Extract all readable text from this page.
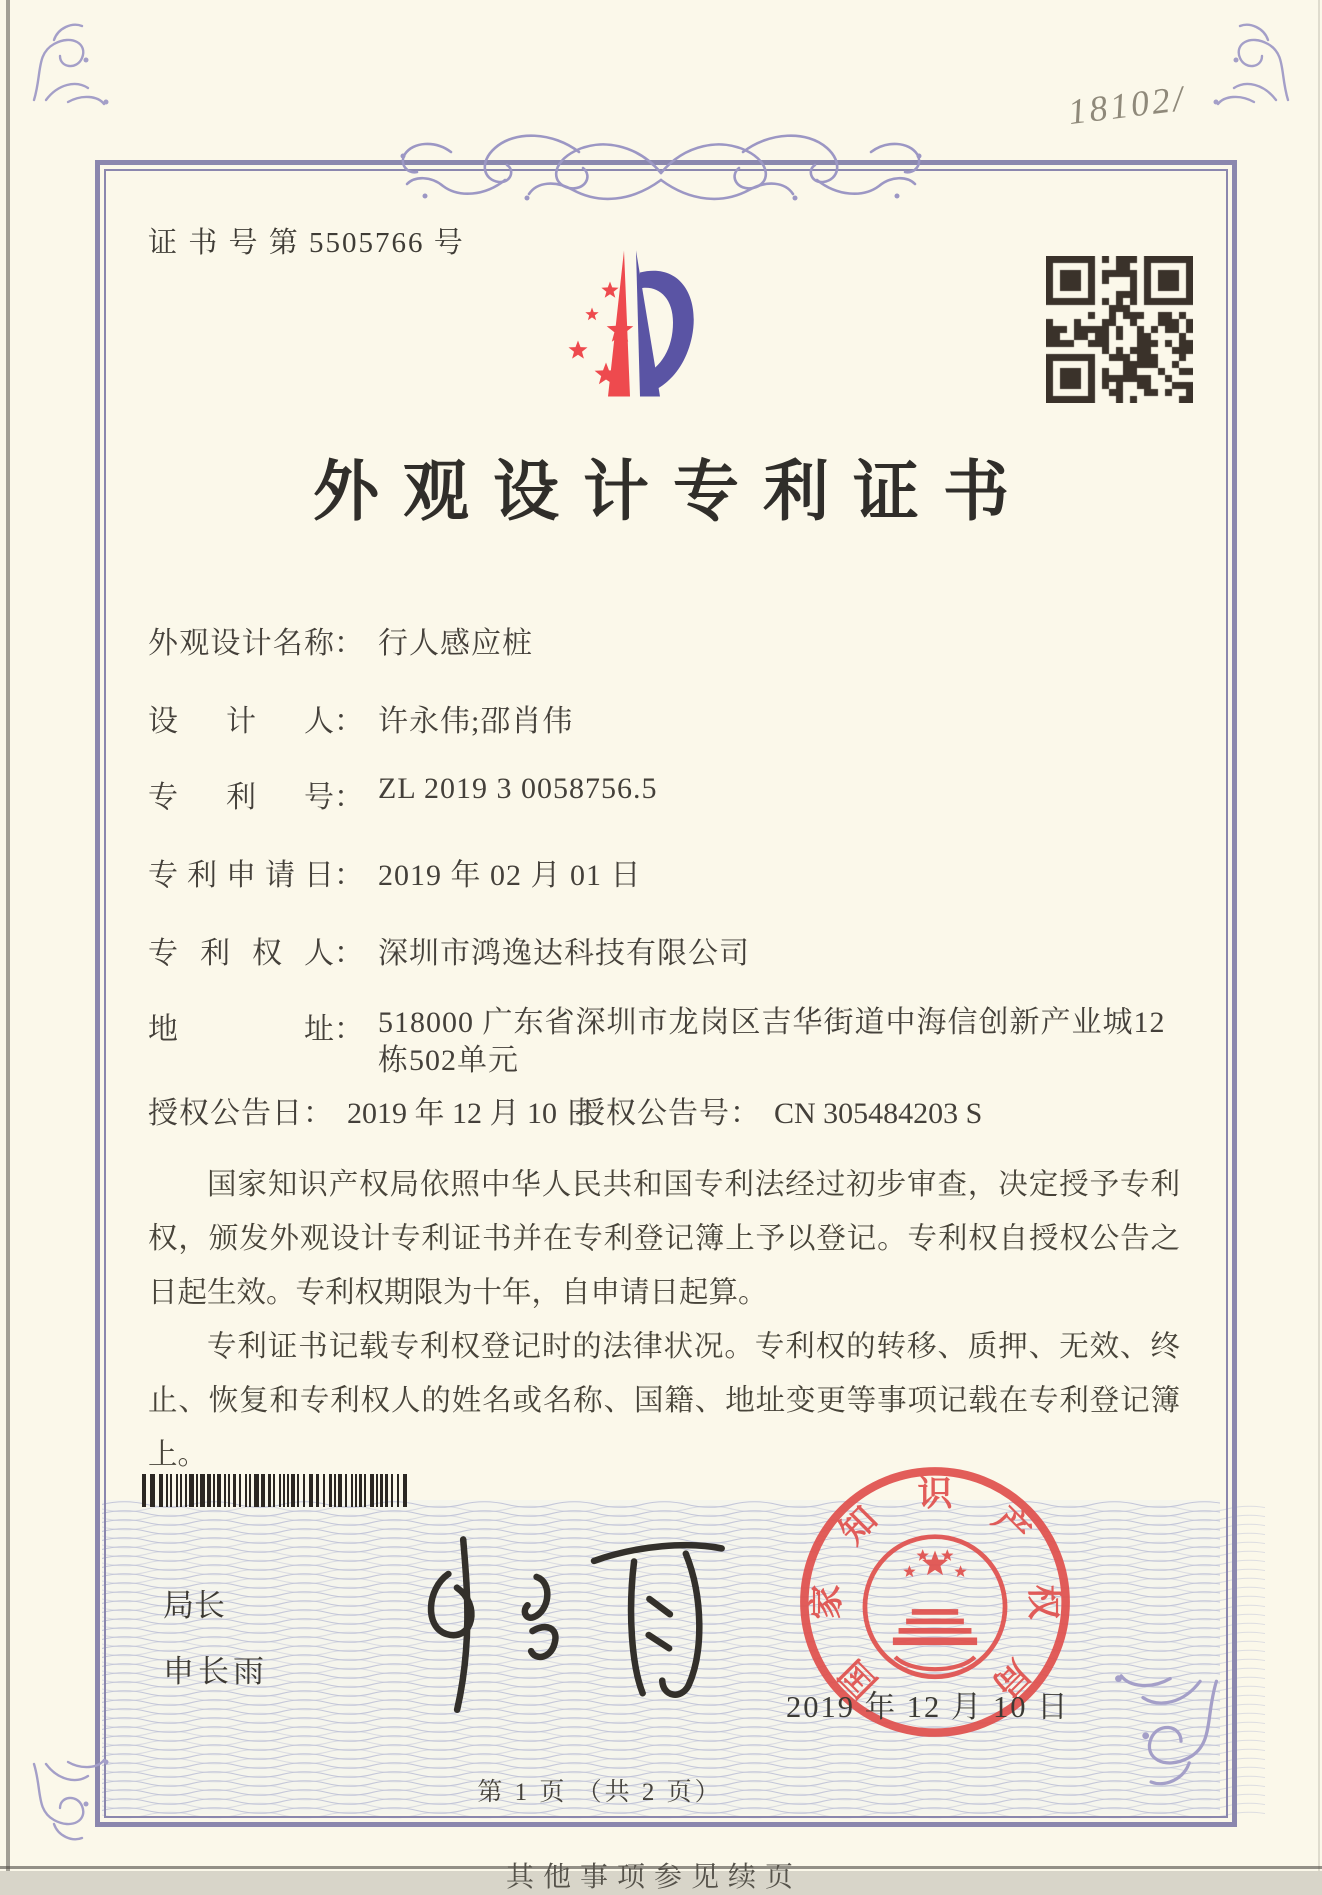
18102/
证 书 号 第 5505766 号
外观设计专利证书
外观设计名称： 行人感应桩
设计人： 许永伟;邵肖伟
专利号： ZL 2019 3 0058756.5
专利申请日： 2019 年 02 月 01 日
专利权人： 深圳市鸿逸达科技有限公司
地址： 518000 广东省深圳市龙岗区吉华街道中海信创新产业城12栋502单元
授权公告日： 2019 年 12 月 10 日
授权公告号： CN 305484203 S

国家知识产权局依照中华人民共和国专利法经过初步审查，决定授予专利权，颁发外观设计专利证书并在专利登记簿上予以登记。专利权自授权公告之日起生效。专利权期限为十年，自申请日起算。

专利证书记载专利权登记时的法律状况。专利权的转移、质押、无效、终止、恢复和专利权人的姓名或名称、国籍、地址变更等事项记载在专利登记簿上。

局长
申长雨	国
家
知
识
产
权
局
2019 年 12 月 10 日
第 1 页 （共 2 页）
其他事项参见续页
